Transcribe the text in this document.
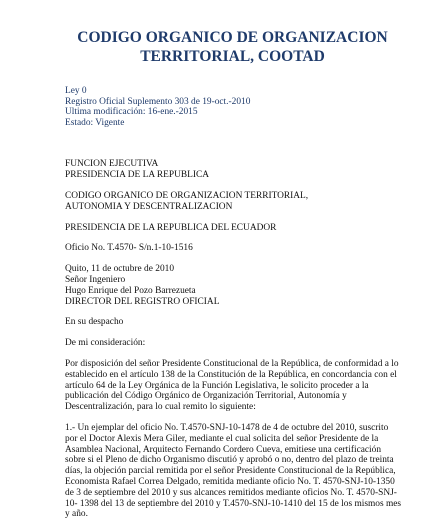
CODIGO ORGANICO DE ORGANIZACION
TERRITORIAL, COOTAD
Ley 0
Registro Oficial Suplemento 303 de 19-oct.-2010
Ultima modificación: 16-ene.-2015
Estado: Vigente

FUNCION EJECUTIVA

PRESIDENCIA DE LA REPUBLICA

CODIGO ORGANICO DE ORGANIZACION TERRITORIAL,

AUTONOMIA Y DESCENTRALIZACION

PRESIDENCIA DE LA REPUBLICA DEL ECUADOR

Oficio No. T.4570- S/n.1-10-1516

Quito, 11 de octubre de 2010

Señor Ingeniero

Hugo Enrique del Pozo Barrezueta

DIRECTOR DEL REGISTRO OFICIAL

En su despacho

De mi consideración:

Por disposición del señor Presidente Constitucional de la República, de conformidad a lo
establecido en el artículo 138 de la Constitución de la República, en concordancia con el
artículo 64 de la Ley Orgánica de la Función Legislativa, le solicito proceder a la
publicación del Código Orgánico de Organización Territorial, Autonomía y
Descentralización, para lo cual remito lo siguiente:
1.- Un ejemplar del oficio No. T.4570-SNJ-10-1478 de 4 de octubre del 2010, suscrito
por el Doctor Alexis Mera Giler, mediante el cual solicita del señor Presidente de la
Asamblea Nacional, Arquitecto Fernando Cordero Cueva, emitiese una certificación
sobre si el Pleno de dicho Organismo discutió y aprobó o no, dentro del plazo de treinta
días, la objeción parcial remitida por el señor Presidente Constitucional de la República,
Economista Rafael Correa Delgado, remitida mediante oficio No. T. 4570-SNJ-10-1350
de 3 de septiembre del 2010 y sus alcances remitidos mediante oficios No. T. 4570-SNJ-
10- 1398 del 13 de septiembre del 2010 y T.4570-SNJ-10-1410 del 15 de los mismos mes
y año.
